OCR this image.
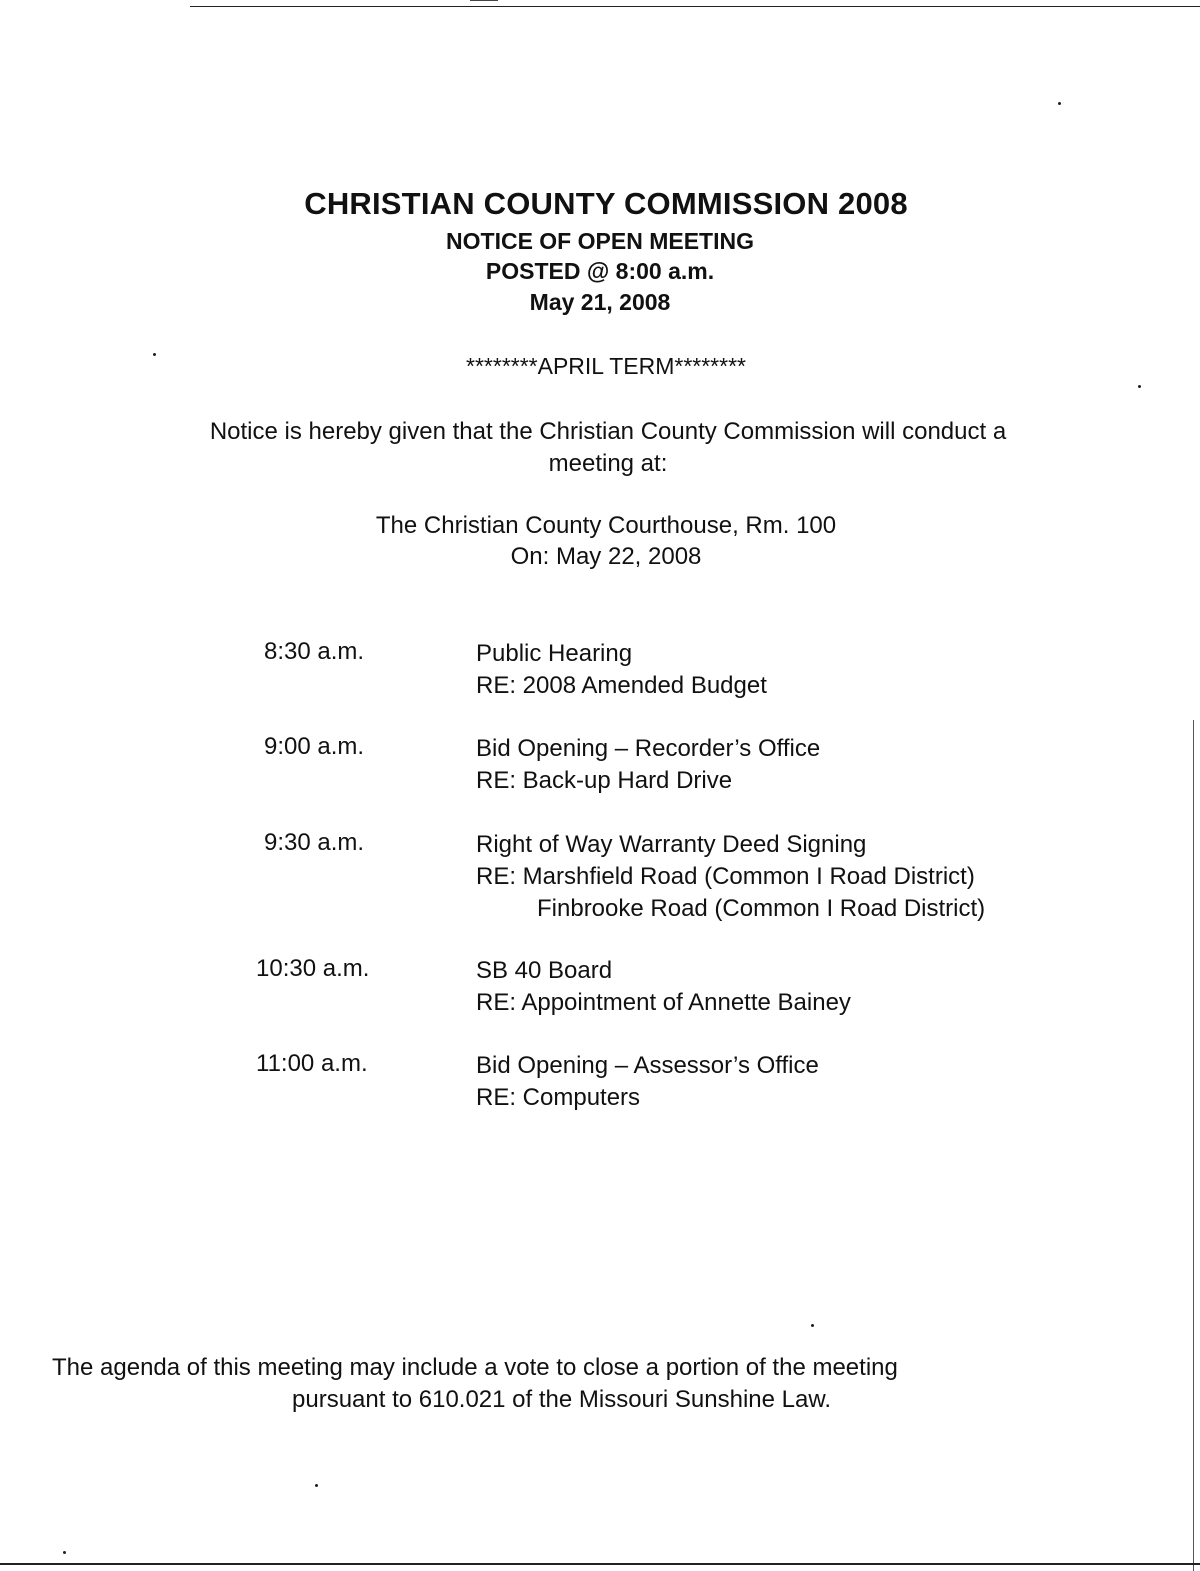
CHRISTIAN COUNTY COMMISSION 2008
NOTICE OF OPEN MEETING
POSTED @ 8:00 a.m.
May 21, 2008
********APRIL TERM********
Notice is hereby given that the Christian County Commission will conduct a
meeting at:
The Christian County Courthouse, Rm. 100
On: May 22, 2008
8:30 a.m.	Public Hearing
RE: 2008 Amended Budget
9:00 a.m.	Bid Opening – Recorder’s Office
RE: Back-up Hard Drive
9:30 a.m.	Right of Way Warranty Deed Signing
RE: Marshfield Road (Common I Road District)
Finbrooke Road (Common I Road District)
10:30 a.m.	SB 40 Board
RE: Appointment of Annette Bainey
11:00 a.m.	Bid Opening – Assessor’s Office
RE: Computers
The agenda of this meeting may include a vote to close a portion of the meeting
pursuant to 610.021 of the Missouri Sunshine Law.
